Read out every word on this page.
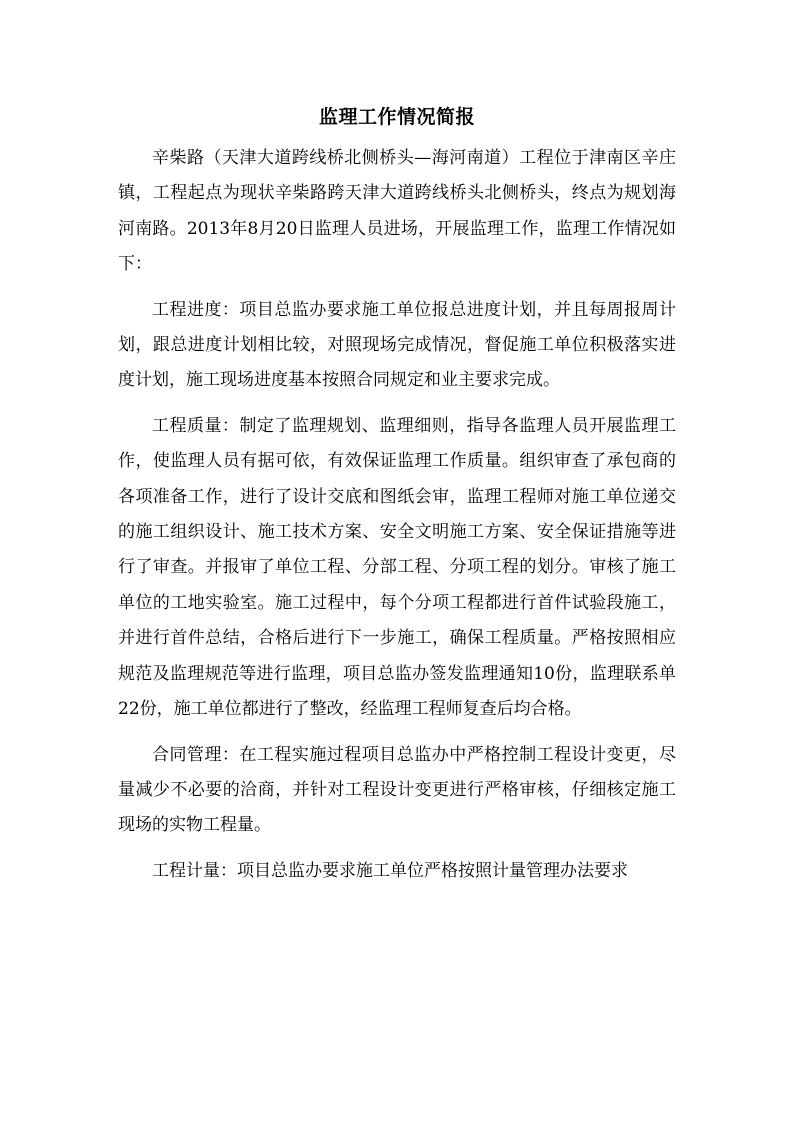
监理工作情况简报

辛柴路（天津大道跨线桥北侧桥头—海河南道）工程位于津南区辛庄镇，工程起点为现状辛柴路跨天津大道跨线桥头北侧桥头，终点为规划海河南路。2013年8月20日监理人员进场，开展监理工作，监理工作情况如下：

工程进度：项目总监办要求施工单位报总进度计划，并且每周报周计划，跟总进度计划相比较，对照现场完成情况，督促施工单位积极落实进度计划，施工现场进度基本按照合同规定和业主要求完成。

工程质量：制定了监理规划、监理细则，指导各监理人员开展监理工作，使监理人员有据可依，有效保证监理工作质量。组织审查了承包商的各项准备工作，进行了设计交底和图纸会审，监理工程师对施工单位递交的施工组织设计、施工技术方案、安全文明施工方案、安全保证措施等进行了审查。并报审了单位工程、分部工程、分项工程的划分。审核了施工单位的工地实验室。施工过程中，每个分项工程都进行首件试验段施工，并进行首件总结，合格后进行下一步施工，确保工程质量。严格按照相应规范及监理规范等进行监理，项目总监办签发监理通知10份，监理联系单22份，施工单位都进行了整改，经监理工程师复查后均合格。

合同管理：在工程实施过程项目总监办中严格控制工程设计变更，尽量减少不必要的洽商，并针对工程设计变更进行严格审核，仔细核定施工现场的实物工程量。

工程计量：项目总监办要求施工单位严格按照计量管理办法要求
